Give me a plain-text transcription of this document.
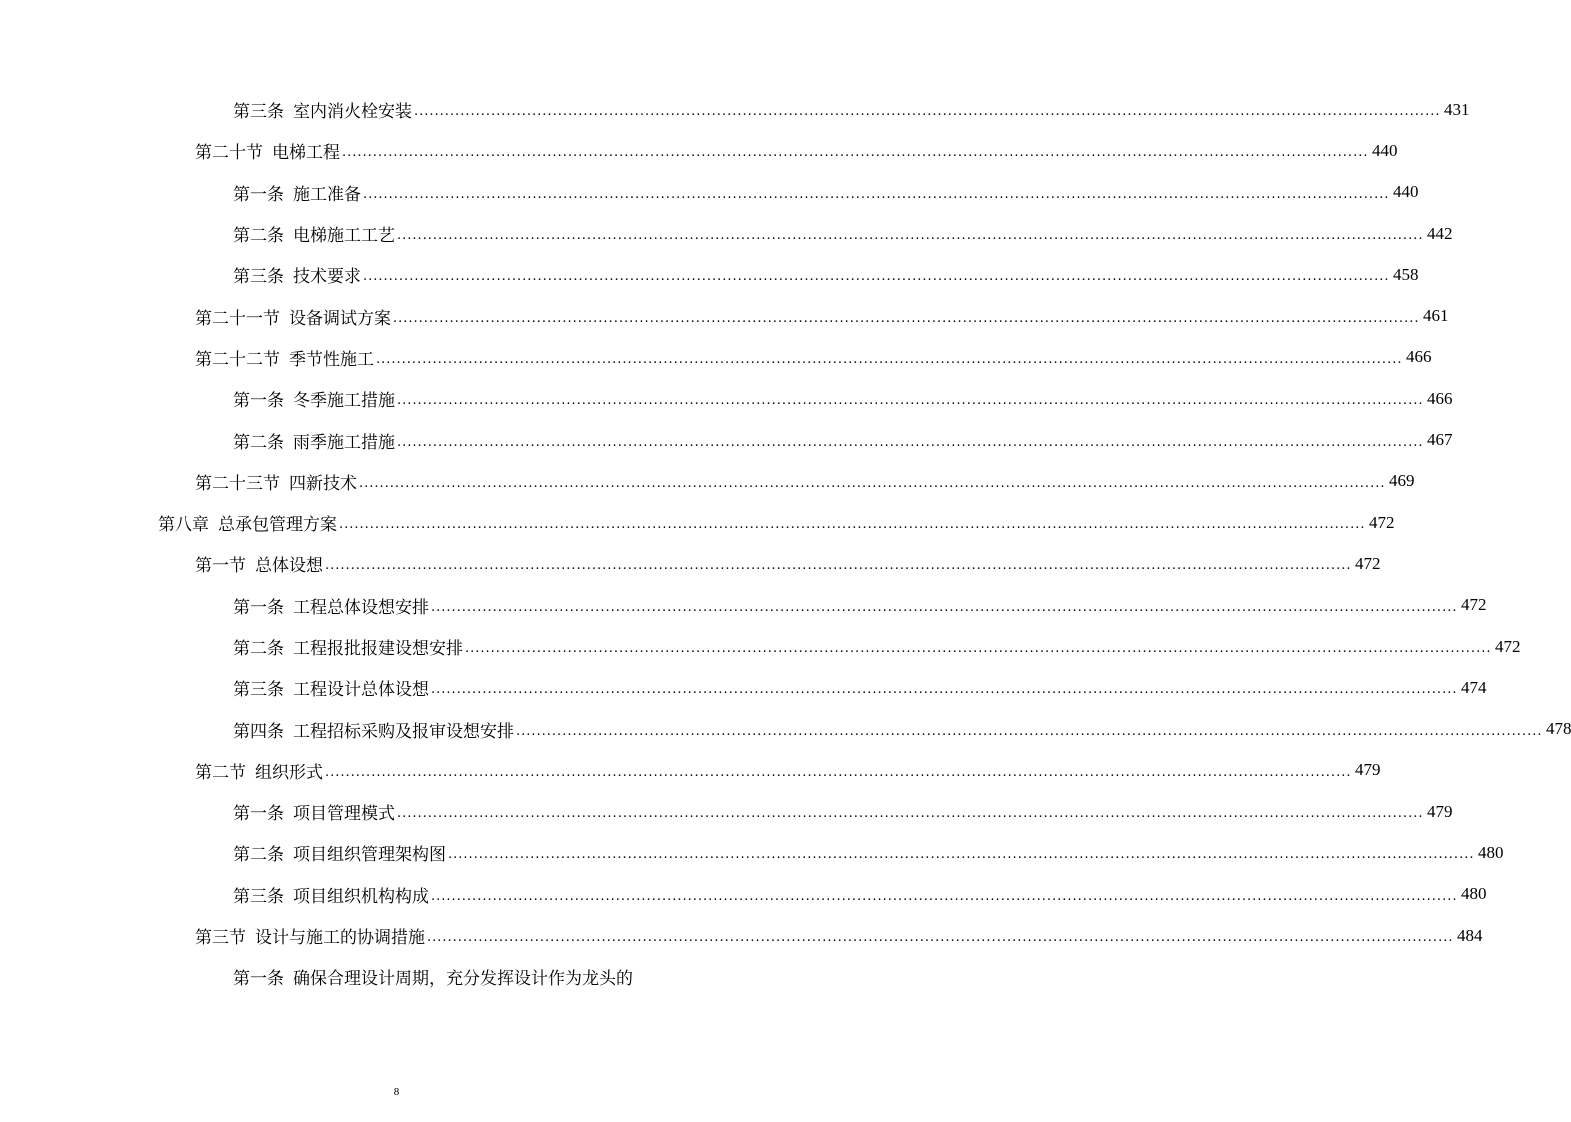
第三条 室内消火栓安装 ........................................................................................................................................................................................................ 431
第二十节 电梯工程 ........................................................................................................................................................................................................ 440
第一条 施工准备 ........................................................................................................................................................................................................ 440
第二条 电梯施工工艺 ........................................................................................................................................................................................................ 442
第三条 技术要求 ........................................................................................................................................................................................................ 458
第二十一节 设备调试方案 ........................................................................................................................................................................................................ 461
第二十二节 季节性施工 ........................................................................................................................................................................................................ 466
第一条 冬季施工措施 ........................................................................................................................................................................................................ 466
第二条 雨季施工措施 ........................................................................................................................................................................................................ 467
第二十三节 四新技术 ........................................................................................................................................................................................................ 469
第八章 总承包管理方案 ........................................................................................................................................................................................................ 472
第一节 总体设想 ........................................................................................................................................................................................................ 472
第一条 工程总体设想安排 ........................................................................................................................................................................................................ 472
第二条 工程报批报建设想安排 ........................................................................................................................................................................................................ 472
第三条 工程设计总体设想 ........................................................................................................................................................................................................ 474
第四条 工程招标采购及报审设想安排 ........................................................................................................................................................................................................ 478
第二节 组织形式 ........................................................................................................................................................................................................ 479
第一条 项目管理模式 ........................................................................................................................................................................................................ 479
第二条 项目组织管理架构图 ........................................................................................................................................................................................................ 480
第三条 项目组织机构构成 ........................................................................................................................................................................................................ 480
第三节 设计与施工的协调措施 ........................................................................................................................................................................................................ 484
第一条 确保合理设计周期，充分发挥设计作为龙头的
8
